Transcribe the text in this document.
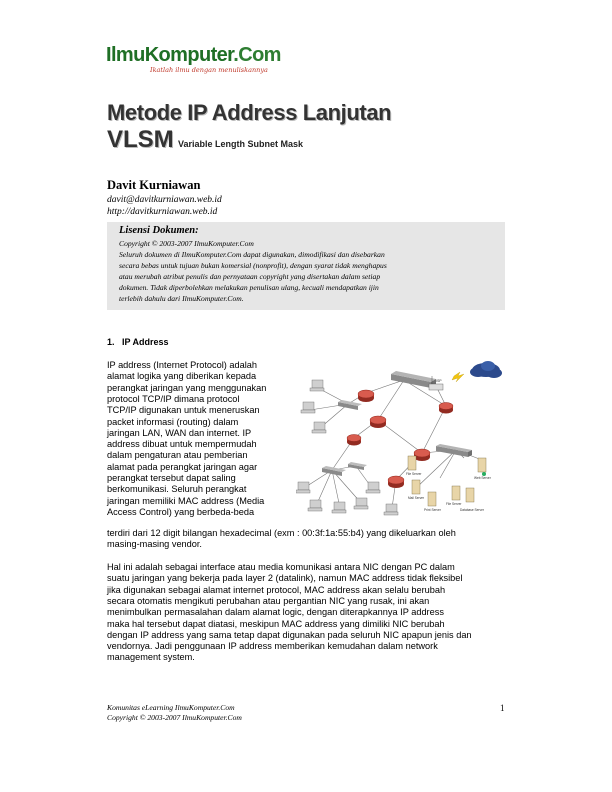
IlmuKomputer.Com
Ikatlah ilmu dengan menuliskannya
Metode IP Address Lanjutan
VLSM Variable Length Subnet Mask
Davit Kurniawan
davit@davitkurniawan.web.id
http://davitkurniawan.web.id
Lisensi Dokumen:
Copyright © 2003-2007 IlmuKomputer.Com
Seluruh dokumen di IlmuKomputer.Com dapat digunakan, dimodifikasi dan disebarkan
secara bebas untuk tujuan bukan komersial (nonprofit), dengan syarat tidak menghapus
atau merubah atribut penulis dan pernyataan copyright yang disertakan dalam setiap
dokumen. Tidak diperbolehkan melakukan penulisan ulang, kecuali mendapatkan ijin
terlebih dahulu dari IlmuKomputer.Com.
1. IP Address
IP address (Internet Protocol) adalah
alamat logika yang diberikan kepada
perangkat jaringan yang menggunakan
protocol TCP/IP dimana protocol
TCP/IP digunakan untuk meneruskan
packet informasi (routing) dalam
jaringan LAN, WAN dan internet. IP
address dibuat untuk mempermudah
dalam pengaturan atau pemberian
alamat pada perangkat jaringan agar
perangkat tersebut dapat saling
berkomunikasi. Seluruh perangkat
jaringan memiliki MAC address (Media
Access Control) yang berbeda-beda
terdiri dari 12 digit bilangan hexadecimal (exm : 00:3f:1a:55:b4) yang dikeluarkan oleh
masing-masing vendor.
ISP
File Server
Mail Server
Web Server
File Server
Print Server	Database Server
Hal ini adalah sebagai interface atau media komunikasi antara NIC dengan PC dalam
suatu jaringan yang bekerja pada layer 2 (datalink), namun MAC address tidak fleksibel
jika digunakan sebagai alamat internet protocol, MAC address akan selalu berubah
secara otomatis mengikuti perubahan atau pergantian NIC yang rusak, ini akan
menimbulkan permasalahan dalam alamat logic, dengan diterapkannya IP address
maka hal tersebut dapat diatasi, meskipun MAC address yang dimiliki NIC berubah
dengan IP address yang sama tetap dapat digunakan pada seluruh NIC apapun jenis dan
vendornya. Jadi penggunaan IP address memberikan kemudahan dalam network
management system.
Komunitas eLearning IlmuKomputer.Com
Copyright © 2003-2007 IlmuKomputer.Com
1
